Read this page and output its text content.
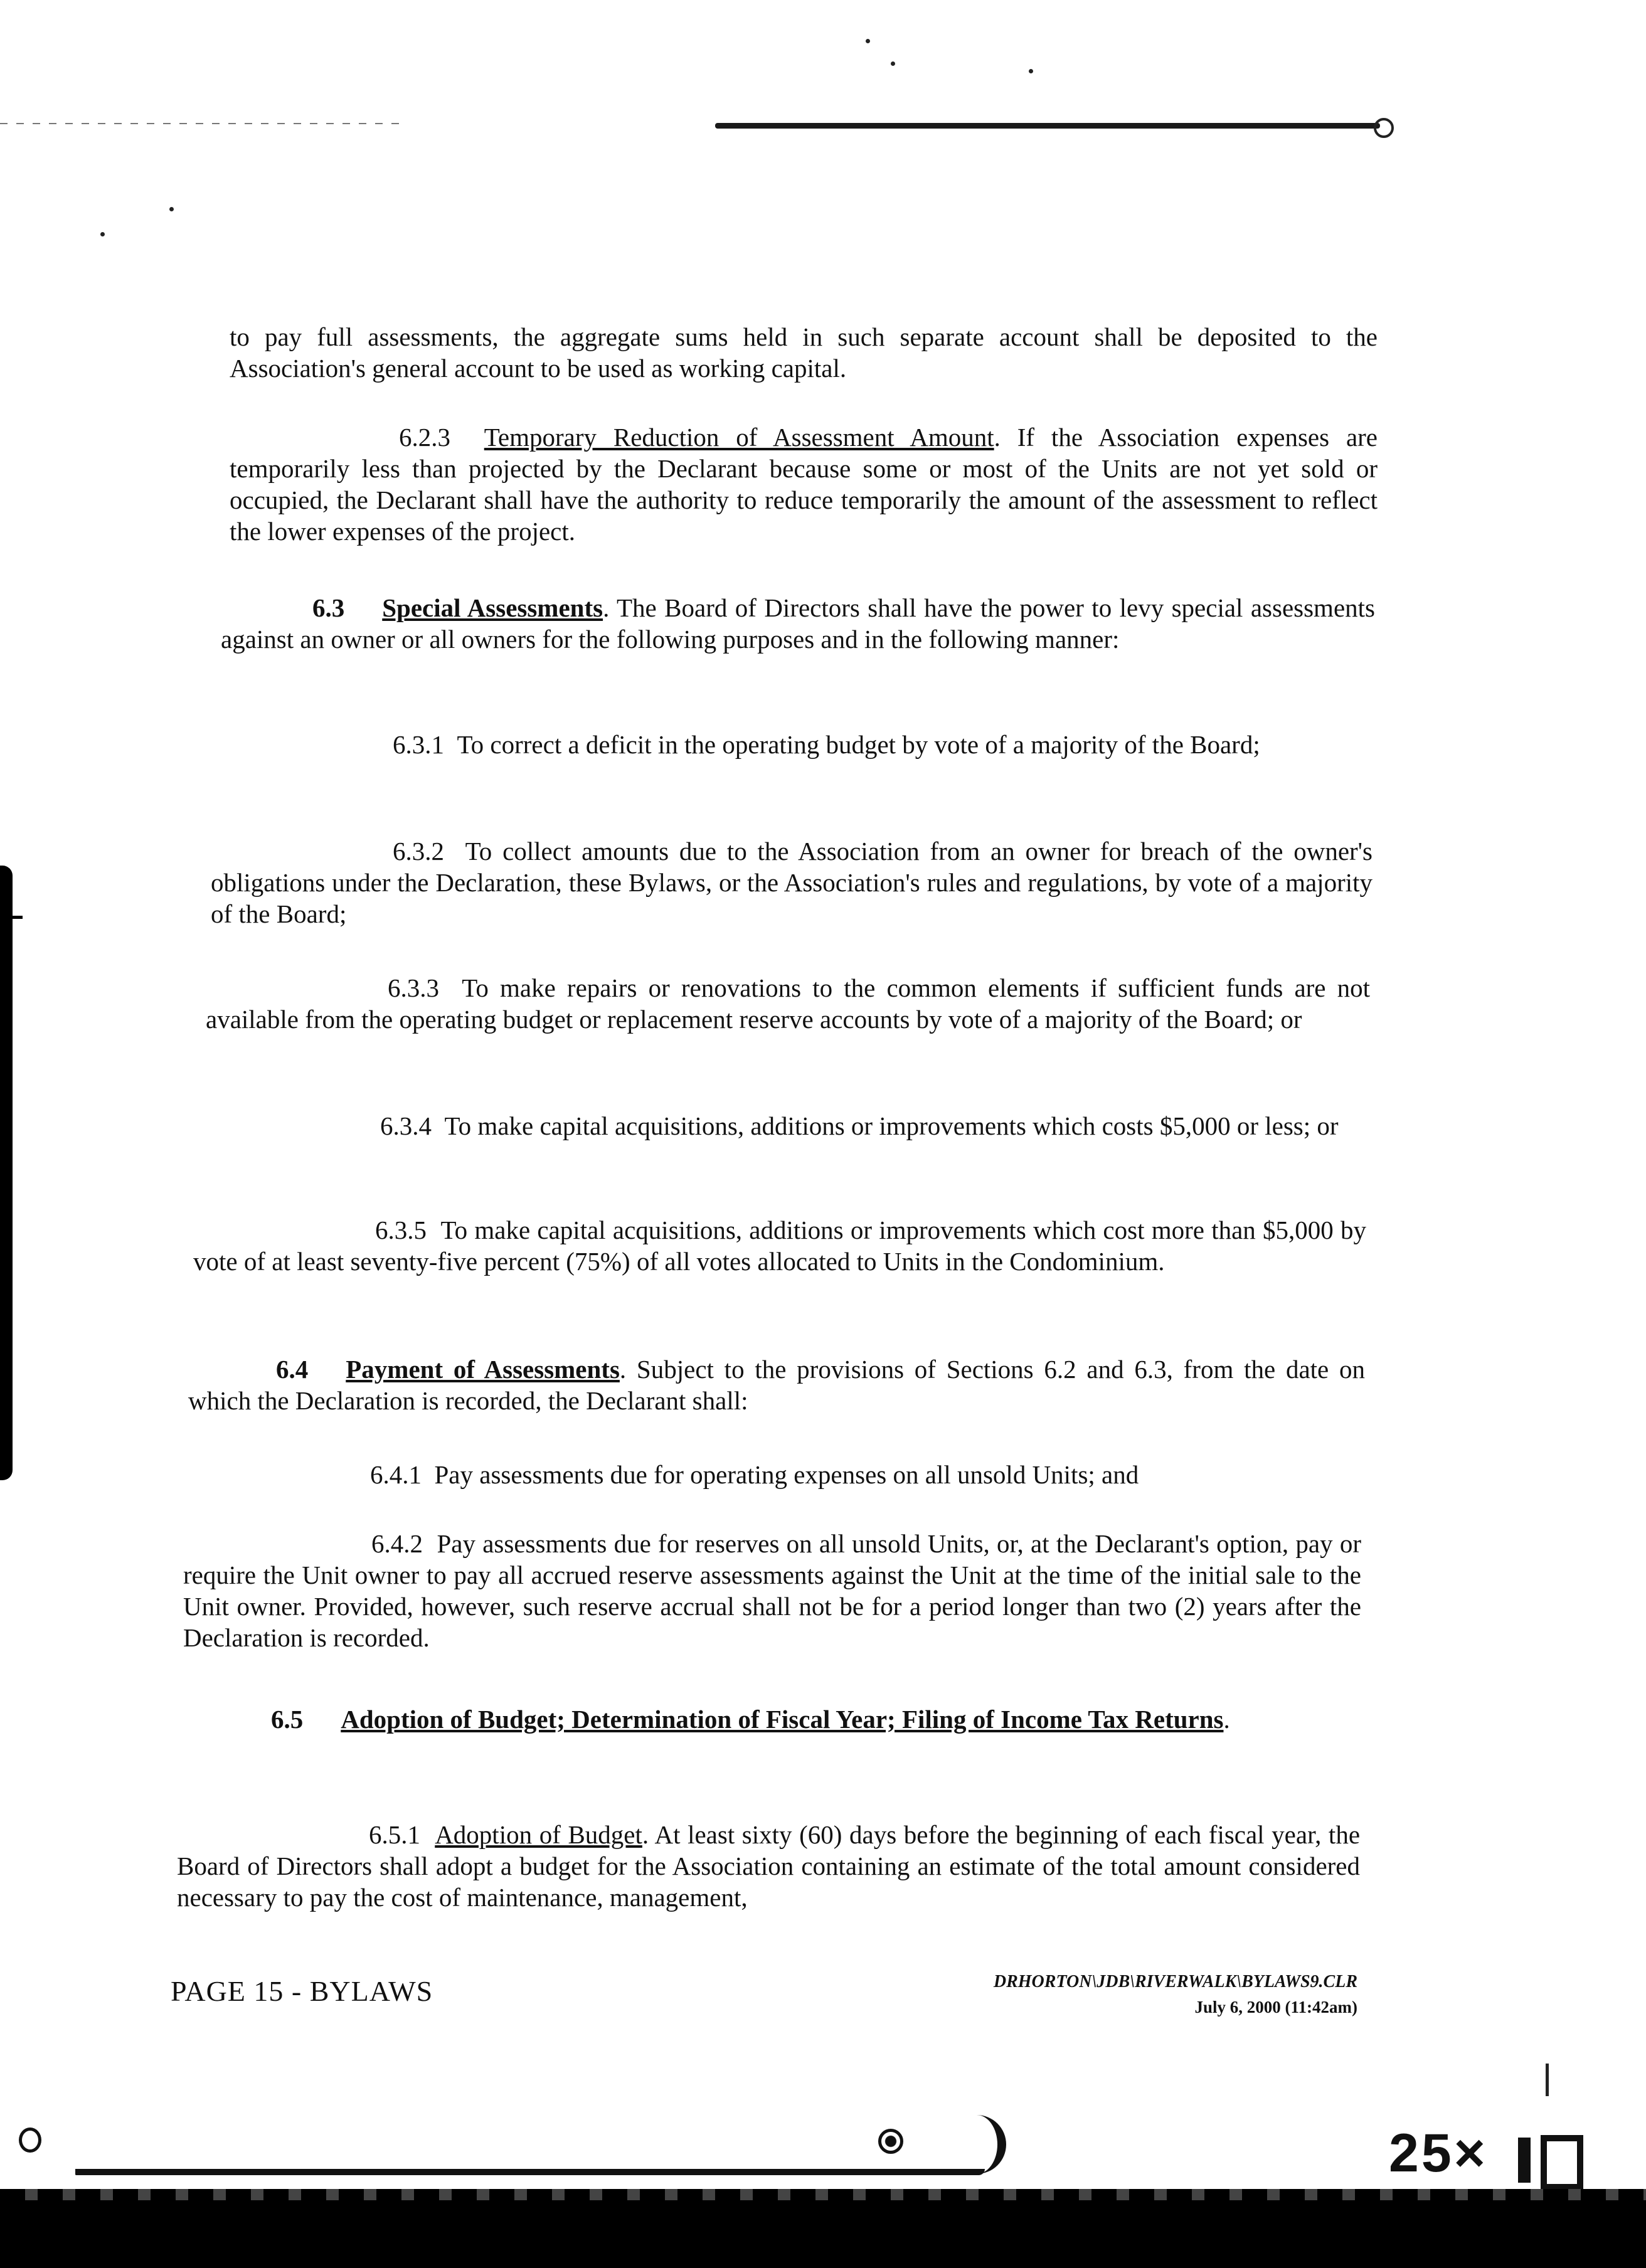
to pay full assessments, the aggregate sums held in such separate account shall be deposited to the Association's general account to be used as working capital.

6.2.3 Temporary Reduction of Assessment Amount. If the Association expenses are temporarily less than projected by the Declarant because some or most of the Units are not yet sold or occupied, the Declarant shall have the authority to reduce temporarily the amount of the assessment to reflect the lower expenses of the project.

6.3 Special Assessments. The Board of Directors shall have the power to levy special assessments against an owner or all owners for the following purposes and in the following manner:

6.3.1 To correct a deficit in the operating budget by vote of a majority of the Board;

6.3.2 To collect amounts due to the Association from an owner for breach of the owner's obligations under the Declaration, these Bylaws, or the Association's rules and regulations, by vote of a majority of the Board;

6.3.3 To make repairs or renovations to the common elements if sufficient funds are not available from the operating budget or replacement reserve accounts by vote of a majority of the Board; or

6.3.4 To make capital acquisitions, additions or improvements which costs $5,000 or less; or

6.3.5 To make capital acquisitions, additions or improvements which cost more than $5,000 by vote of at least seventy-five percent (75%) of all votes allocated to Units in the Condominium.

6.4 Payment of Assessments. Subject to the provisions of Sections 6.2 and 6.3, from the date on which the Declaration is recorded, the Declarant shall:

6.4.1 Pay assessments due for operating expenses on all unsold Units; and

6.4.2 Pay assessments due for reserves on all unsold Units, or, at the Declarant's option, pay or require the Unit owner to pay all accrued reserve assessments against the Unit at the time of the initial sale to the Unit owner. Provided, however, such reserve accrual shall not be for a period longer than two (2) years after the Declaration is recorded.

6.5 Adoption of Budget; Determination of Fiscal Year; Filing of Income Tax Returns.

6.5.1 Adoption of Budget. At least sixty (60) days before the beginning of each fiscal year, the Board of Directors shall adopt a budget for the Association containing an estimate of the total amount considered necessary to pay the cost of maintenance, management,

PAGE 15 - BYLAWS	DRHORTON\JDB\RIVERWALK\BYLAWS9.CLR
July 6, 2000 (11:42am)
25×
